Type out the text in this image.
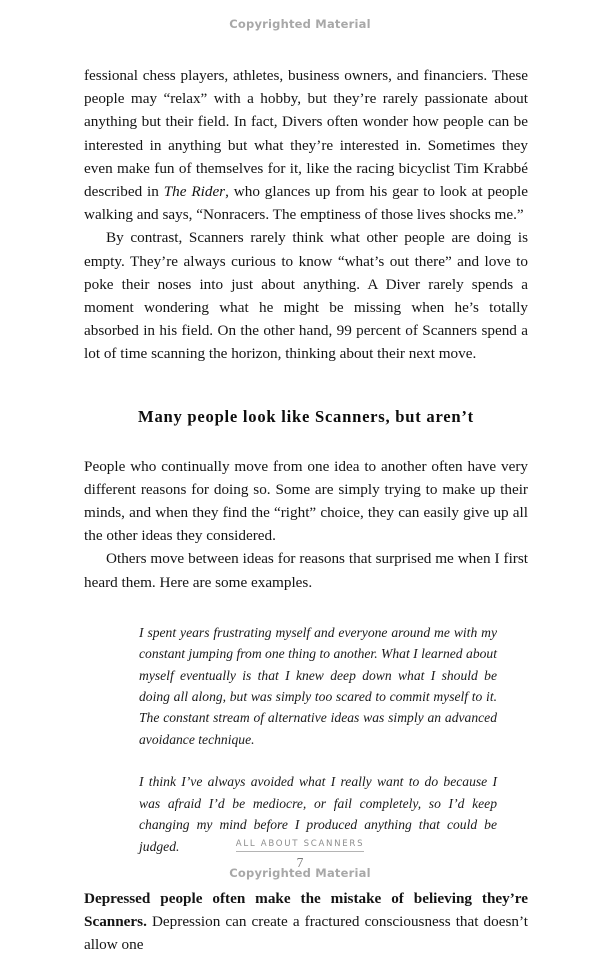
Copyrighted Material

fessional chess players, athletes, business owners, and financiers. These people may “relax” with a hobby, but they’re rarely passionate about anything but their field. In fact, Divers often wonder how people can be interested in anything but what they’re interested in. Sometimes they even make fun of themselves for it, like the racing bicyclist Tim Krabbé described in The Rider, who glances up from his gear to look at people walking and says, “Nonracers. The emptiness of those lives shocks me.”

By contrast, Scanners rarely think what other people are doing is empty. They’re always curious to know “what’s out there” and love to poke their noses into just about anything. A Diver rarely spends a moment wondering what he might be missing when he’s totally absorbed in his field. On the other hand, 99 percent of Scanners spend a lot of time scanning the horizon, thinking about their next move.

Many people look like Scanners, but aren’t

People who continually move from one idea to another often have very different reasons for doing so. Some are simply trying to make up their minds, and when they find the “right” choice, they can easily give up all the other ideas they considered.

Others move between ideas for reasons that surprised me when I first heard them. Here are some examples.

I spent years frustrating myself and everyone around me with my constant jumping from one thing to another. What I learned about myself eventually is that I knew deep down what I should be doing all along, but was simply too scared to commit myself to it. The constant stream of alternative ideas was simply an advanced avoidance technique.
I think I’ve always avoided what I really want to do because I was afraid I’d be mediocre, or fail completely, so I’d keep changing my mind before I produced anything that could be judged.

Depressed people often make the mistake of believing they’re Scanners. Depression can create a fractured consciousness that doesn’t allow one

ALL ABOUT SCANNERS
7
Copyrighted Material
